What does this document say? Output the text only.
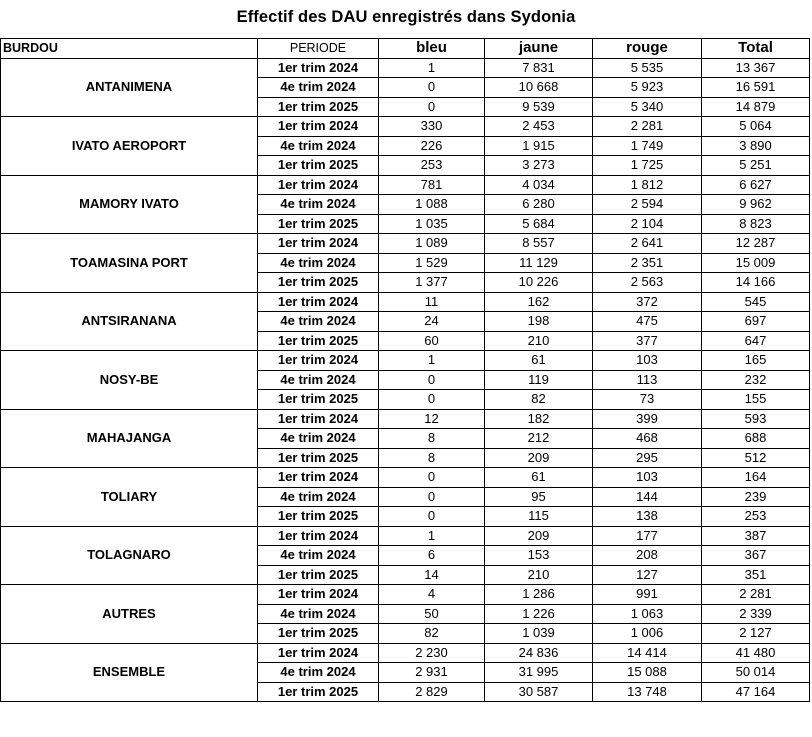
Effectif des DAU enregistrés dans Sydonia
BURDOU	PERIODE	bleu	jaune	rouge	Total
ANTANIMENA	1er trim 2024	1	7 831	5 535	13 367
	4e trim 2024	0	10 668	5 923	16 591
	1er trim 2025	0	9 539	5 340	14 879
IVATO AEROPORT	1er trim 2024	330	2 453	2 281	5 064
	4e trim 2024	226	1 915	1 749	3 890
	1er trim 2025	253	3 273	1 725	5 251
MAMORY IVATO	1er trim 2024	781	4 034	1 812	6 627
	4e trim 2024	1 088	6 280	2 594	9 962
	1er trim 2025	1 035	5 684	2 104	8 823
TOAMASINA PORT	1er trim 2024	1 089	8 557	2 641	12 287
	4e trim 2024	1 529	11 129	2 351	15 009
	1er trim 2025	1 377	10 226	2 563	14 166
ANTSIRANANA	1er trim 2024	11	162	372	545
	4e trim 2024	24	198	475	697
	1er trim 2025	60	210	377	647
NOSY-BE	1er trim 2024	1	61	103	165
	4e trim 2024	0	119	113	232
	1er trim 2025	0	82	73	155
MAHAJANGA	1er trim 2024	12	182	399	593
	4e trim 2024	8	212	468	688
	1er trim 2025	8	209	295	512
TOLIARY	1er trim 2024	0	61	103	164
	4e trim 2024	0	95	144	239
	1er trim 2025	0	115	138	253
TOLAGNARO	1er trim 2024	1	209	177	387
	4e trim 2024	6	153	208	367
	1er trim 2025	14	210	127	351
AUTRES	1er trim 2024	4	1 286	991	2 281
	4e trim 2024	50	1 226	1 063	2 339
	1er trim 2025	82	1 039	1 006	2 127
ENSEMBLE	1er trim 2024	2 230	24 836	14 414	41 480
	4e trim 2024	2 931	31 995	15 088	50 014
	1er trim 2025	2 829	30 587	13 748	47 164
